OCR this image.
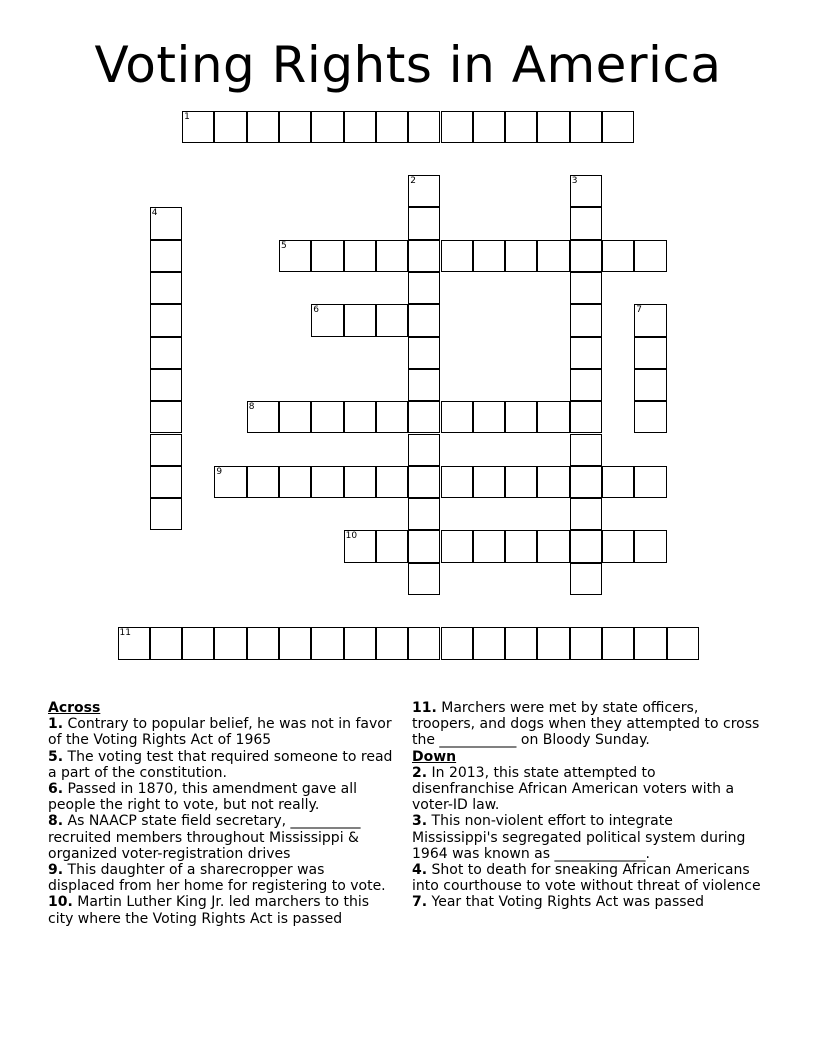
Voting Rights in America
1
2	3
4
5
6	7
8
9
10
11
Across

1. Contrary to popular belief, he was not in favor of the Voting Rights Act of 1965

5. The voting test that required someone to read a part of the constitution.

6. Passed in 1870, this amendment gave all people the right to vote, but not really.

8. As NAACP state field secretary, __________ recruited members throughout Mississippi & organized voter-registration drives

9. This daughter of a sharecropper was displaced from her home for registering to vote.

10. Martin Luther King Jr. led marchers to this city where the Voting Rights Act is passed

11. Marchers were met by state officers, troopers, and dogs when they attempted to cross the ___________ on Bloody Sunday.

Down

2. In 2013, this state attempted to disenfranchise African American voters with a voter-ID law.

3. This non-violent effort to integrate Mississippi's segregated political system during 1964 was known as _____________.

4. Shot to death for sneaking African Americans into courthouse to vote without threat of violence

7. Year that Voting Rights Act was passed
